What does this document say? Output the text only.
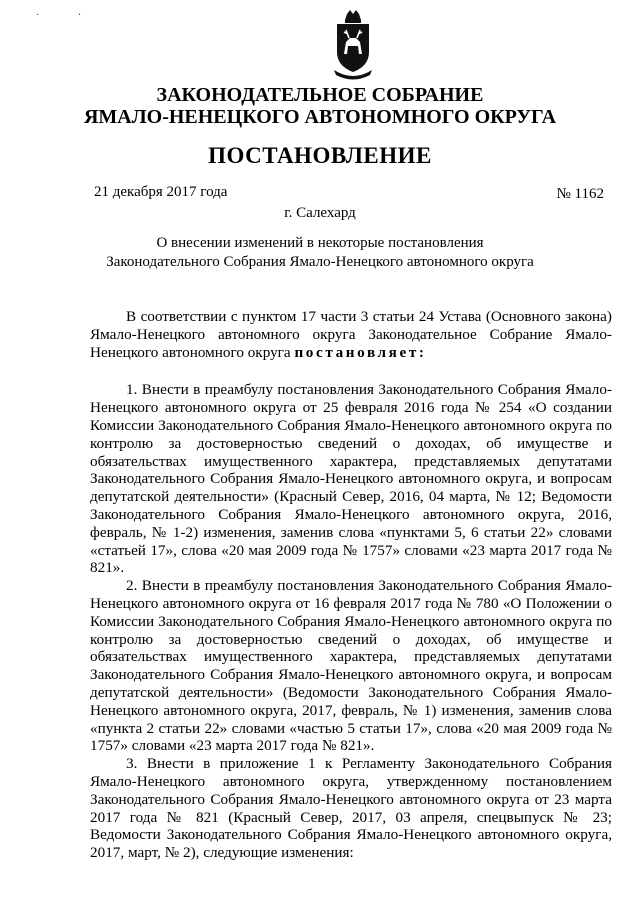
· ·
ЗАКОНОДАТЕЛЬНОЕ СОБРАНИЕ
ЯМАЛО-НЕНЕЦКОГО АВТОНОМНОГО ОКРУГА
ПОСТАНОВЛЕНИЕ
21 декабря 2017 года	№ 1162
г. Салехард
О внесении изменений в некоторые постановления
Законодательного Собрания Ямало-Ненецкого автономного округа

В соответствии с пунктом 17 части 3 статьи 24 Устава (Основного закона) Ямало-Ненецкого автономного округа Законодательное Собрание Ямало-Ненецкого автономного округа постановляет:

1. Внести в преамбулу постановления Законодательного Собрания Ямало-Ненецкого автономного округа от 25 февраля 2016 года № 254 «О создании Комиссии Законодательного Собрания Ямало-Ненецкого автономного округа по контролю за достоверностью сведений о доходах, об имуществе и обязательствах имущественного характера, представляемых депутатами Законодательного Собрания Ямало-Ненецкого автономного округа, и вопросам депутатской деятельности» (Красный Север, 2016, 04 марта, № 12; Ведомости Законодательного Собрания Ямало-Ненецкого автономного округа, 2016, февраль, № 1-2) изменения, заменив слова «пунктами 5, 6 статьи 22» словами «статьей 17», слова «20 мая 2009 года № 1757» словами «23 марта 2017 года № 821».

2. Внести в преамбулу постановления Законодательного Собрания Ямало-Ненецкого автономного округа от 16 февраля 2017 года № 780 «О Положении о Комиссии Законодательного Собрания Ямало-Ненецкого автономного округа по контролю за достоверностью сведений о доходах, об имуществе и обязательствах имущественного характера, представляемых депутатами Законодательного Собрания Ямало-Ненецкого автономного округа, и вопросам депутатской деятельности» (Ведомости Законодательного Собрания Ямало-Ненецкого автономного округа, 2017, февраль, № 1) изменения, заменив слова «пункта 2 статьи 22» словами «частью 5 статьи 17», слова «20 мая 2009 года № 1757» словами «23 марта 2017 года № 821».

3. Внести в приложение 1 к Регламенту Законодательного Собрания Ямало-Ненецкого автономного округа, утвержденному постановлением Законодательного Собрания Ямало-Ненецкого автономного округа от 23 марта 2017 года № 821 (Красный Север, 2017, 03 апреля, спецвыпуск № 23; Ведомости Законодательного Собрания Ямало-Ненецкого автономного округа, 2017, март, № 2), следующие изменения:
